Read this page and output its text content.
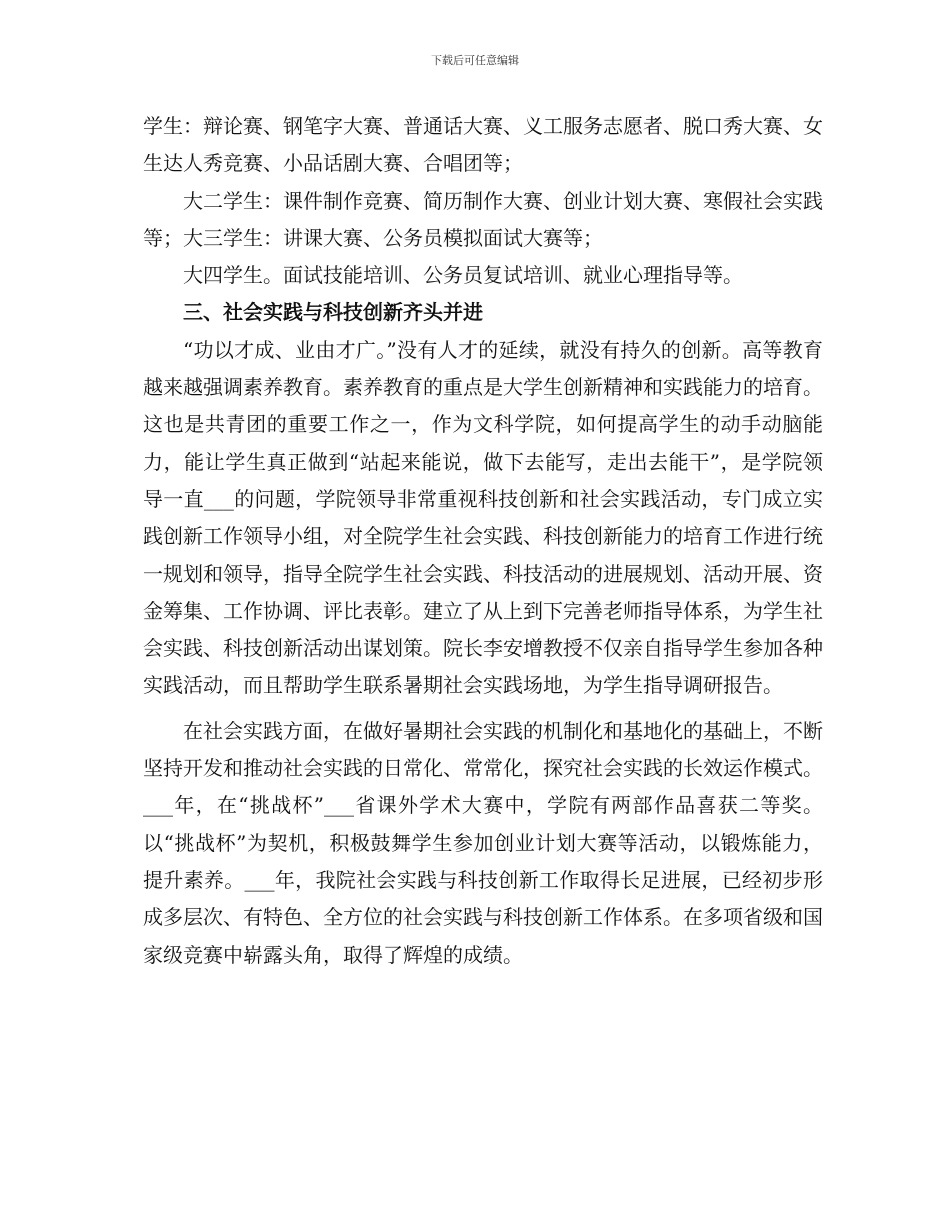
下载后可任意编辑

学生：辩论赛、钢笔字大赛、普通话大赛、义工服务志愿者、脱口秀大赛、女生达人秀竞赛、小品话剧大赛、合唱团等；

大二学生：课件制作竞赛、简历制作大赛、创业计划大赛、寒假社会实践等；大三学生：讲课大赛、公务员模拟面试大赛等；

大四学生。面试技能培训、公务员复试培训、就业心理指导等。

三、社会实践与科技创新齐头并进

“功以才成、业由才广。”没有人才的延续，就没有持久的创新。高等教育越来越强调素养教育。素养教育的重点是大学生创新精神和实践能力的培育。这也是共青团的重要工作之一，作为文科学院，如何提高学生的动手动脑能力，能让学生真正做到“站起来能说，做下去能写，走出去能干”，是学院领导一直___的问题，学院领导非常重视科技创新和社会实践活动，专门成立实践创新工作领导小组，对全院学生社会实践、科技创新能力的培育工作进行统一规划和领导，指导全院学生社会实践、科技活动的进展规划、活动开展、资金筹集、工作协调、评比表彰。建立了从上到下完善老师指导体系，为学生社会实践、科技创新活动出谋划策。院长李安增教授不仅亲自指导学生参加各种实践活动，而且帮助学生联系暑期社会实践场地，为学生指导调研报告。

在社会实践方面，在做好暑期社会实践的机制化和基地化的基础上，不断坚持开发和推动社会实践的日常化、常常化，探究社会实践的长效运作模式。___年，在“挑战杯”___省课外学术大赛中，学院有两部作品喜获二等奖。以“挑战杯”为契机，积极鼓舞学生参加创业计划大赛等活动，以锻炼能力，提升素养。___年，我院社会实践与科技创新工作取得长足进展，已经初步形成多层次、有特色、全方位的社会实践与科技创新工作体系。在多项省级和国家级竞赛中崭露头角，取得了辉煌的成绩。
